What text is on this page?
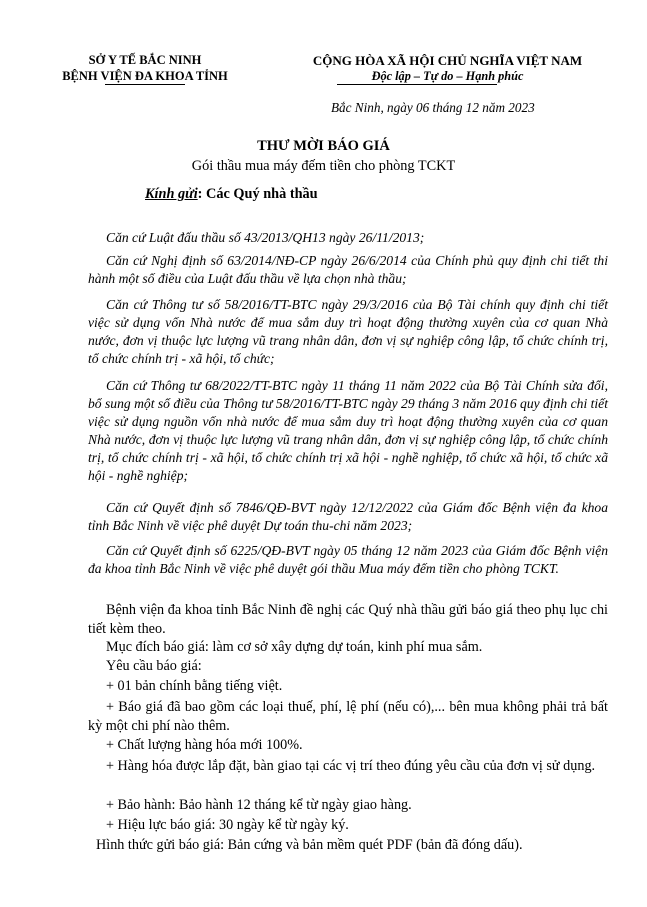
SỞ Y TẾ BẮC NINH
BỆNH VIỆN ĐA KHOA TỈNH
CỘNG HÒA XÃ HỘI CHỦ NGHĨA VIỆT NAM
Độc lập – Tự do – Hạnh phúc
Bắc Ninh, ngày 06 tháng 12 năm 2023
THƯ MỜI BÁO GIÁ
Gói thầu mua máy đếm tiền cho phòng TCKT
Kính gửi: Các Quý nhà thầu
Căn cứ Luật đấu thầu số 43/2013/QH13 ngày 26/11/2013;
Căn cứ Nghị định số 63/2014/NĐ-CP ngày 26/6/2014 của Chính phủ quy định chi tiết thi hành một số điều của Luật đấu thầu về lựa chọn nhà thầu;
Căn cứ Thông tư số 58/2016/TT-BTC ngày 29/3/2016 của Bộ Tài chính quy định chi tiết việc sử dụng vốn Nhà nước để mua sắm duy trì hoạt động thường xuyên của cơ quan Nhà nước, đơn vị thuộc lực lượng vũ trang nhân dân, đơn vị sự nghiệp công lập, tổ chức chính trị, tổ chức chính trị - xã hội, tổ chức;
Căn cứ Thông tư 68/2022/TT-BTC ngày 11 tháng 11 năm 2022 của Bộ Tài Chính sửa đổi, bổ sung một số điều của Thông tư 58/2016/TT-BTC ngày 29 tháng 3 năm 2016 quy định chi tiết việc sử dụng nguồn vốn nhà nước để mua sắm duy trì hoạt động thường xuyên của cơ quan Nhà nước, đơn vị thuộc lực lượng vũ trang nhân dân, đơn vị sự nghiệp công lập, tổ chức chính trị, tổ chức chính trị - xã hội, tổ chức chính trị xã hội - nghề nghiệp, tổ chức xã hội, tổ chức xã hội - nghề nghiệp;
Căn cứ Quyết định số 7846/QĐ-BVT ngày 12/12/2022 của Giám đốc Bệnh viện đa khoa tỉnh Bắc Ninh về việc phê duyệt Dự toán thu-chi năm 2023;
Căn cứ Quyết định số 6225/QĐ-BVT ngày 05 tháng 12 năm 2023 của Giám đốc Bệnh viện đa khoa tỉnh Bắc Ninh về việc phê duyệt gói thầu Mua máy đếm tiền cho phòng TCKT.
Bệnh viện đa khoa tỉnh Bắc Ninh đề nghị các Quý nhà thầu gửi báo giá theo phụ lục chi tiết kèm theo.
Mục đích báo giá: làm cơ sở xây dựng dự toán, kinh phí mua sắm.
Yêu cầu báo giá:
+ 01 bản chính bằng tiếng việt.
+ Báo giá đã bao gồm các loại thuế, phí, lệ phí (nếu có),... bên mua không phải trả bất kỳ một chi phí nào thêm.
+ Chất lượng hàng hóa mới 100%.
+ Hàng hóa được lắp đặt, bàn giao tại các vị trí theo đúng yêu cầu của đơn vị sử dụng.
+ Bảo hành: Bảo hành 12 tháng kể từ ngày giao hàng.
+ Hiệu lực báo giá: 30 ngày kể từ ngày ký.
Hình thức gửi báo giá: Bản cứng và bản mềm quét PDF (bản đã đóng dấu).
